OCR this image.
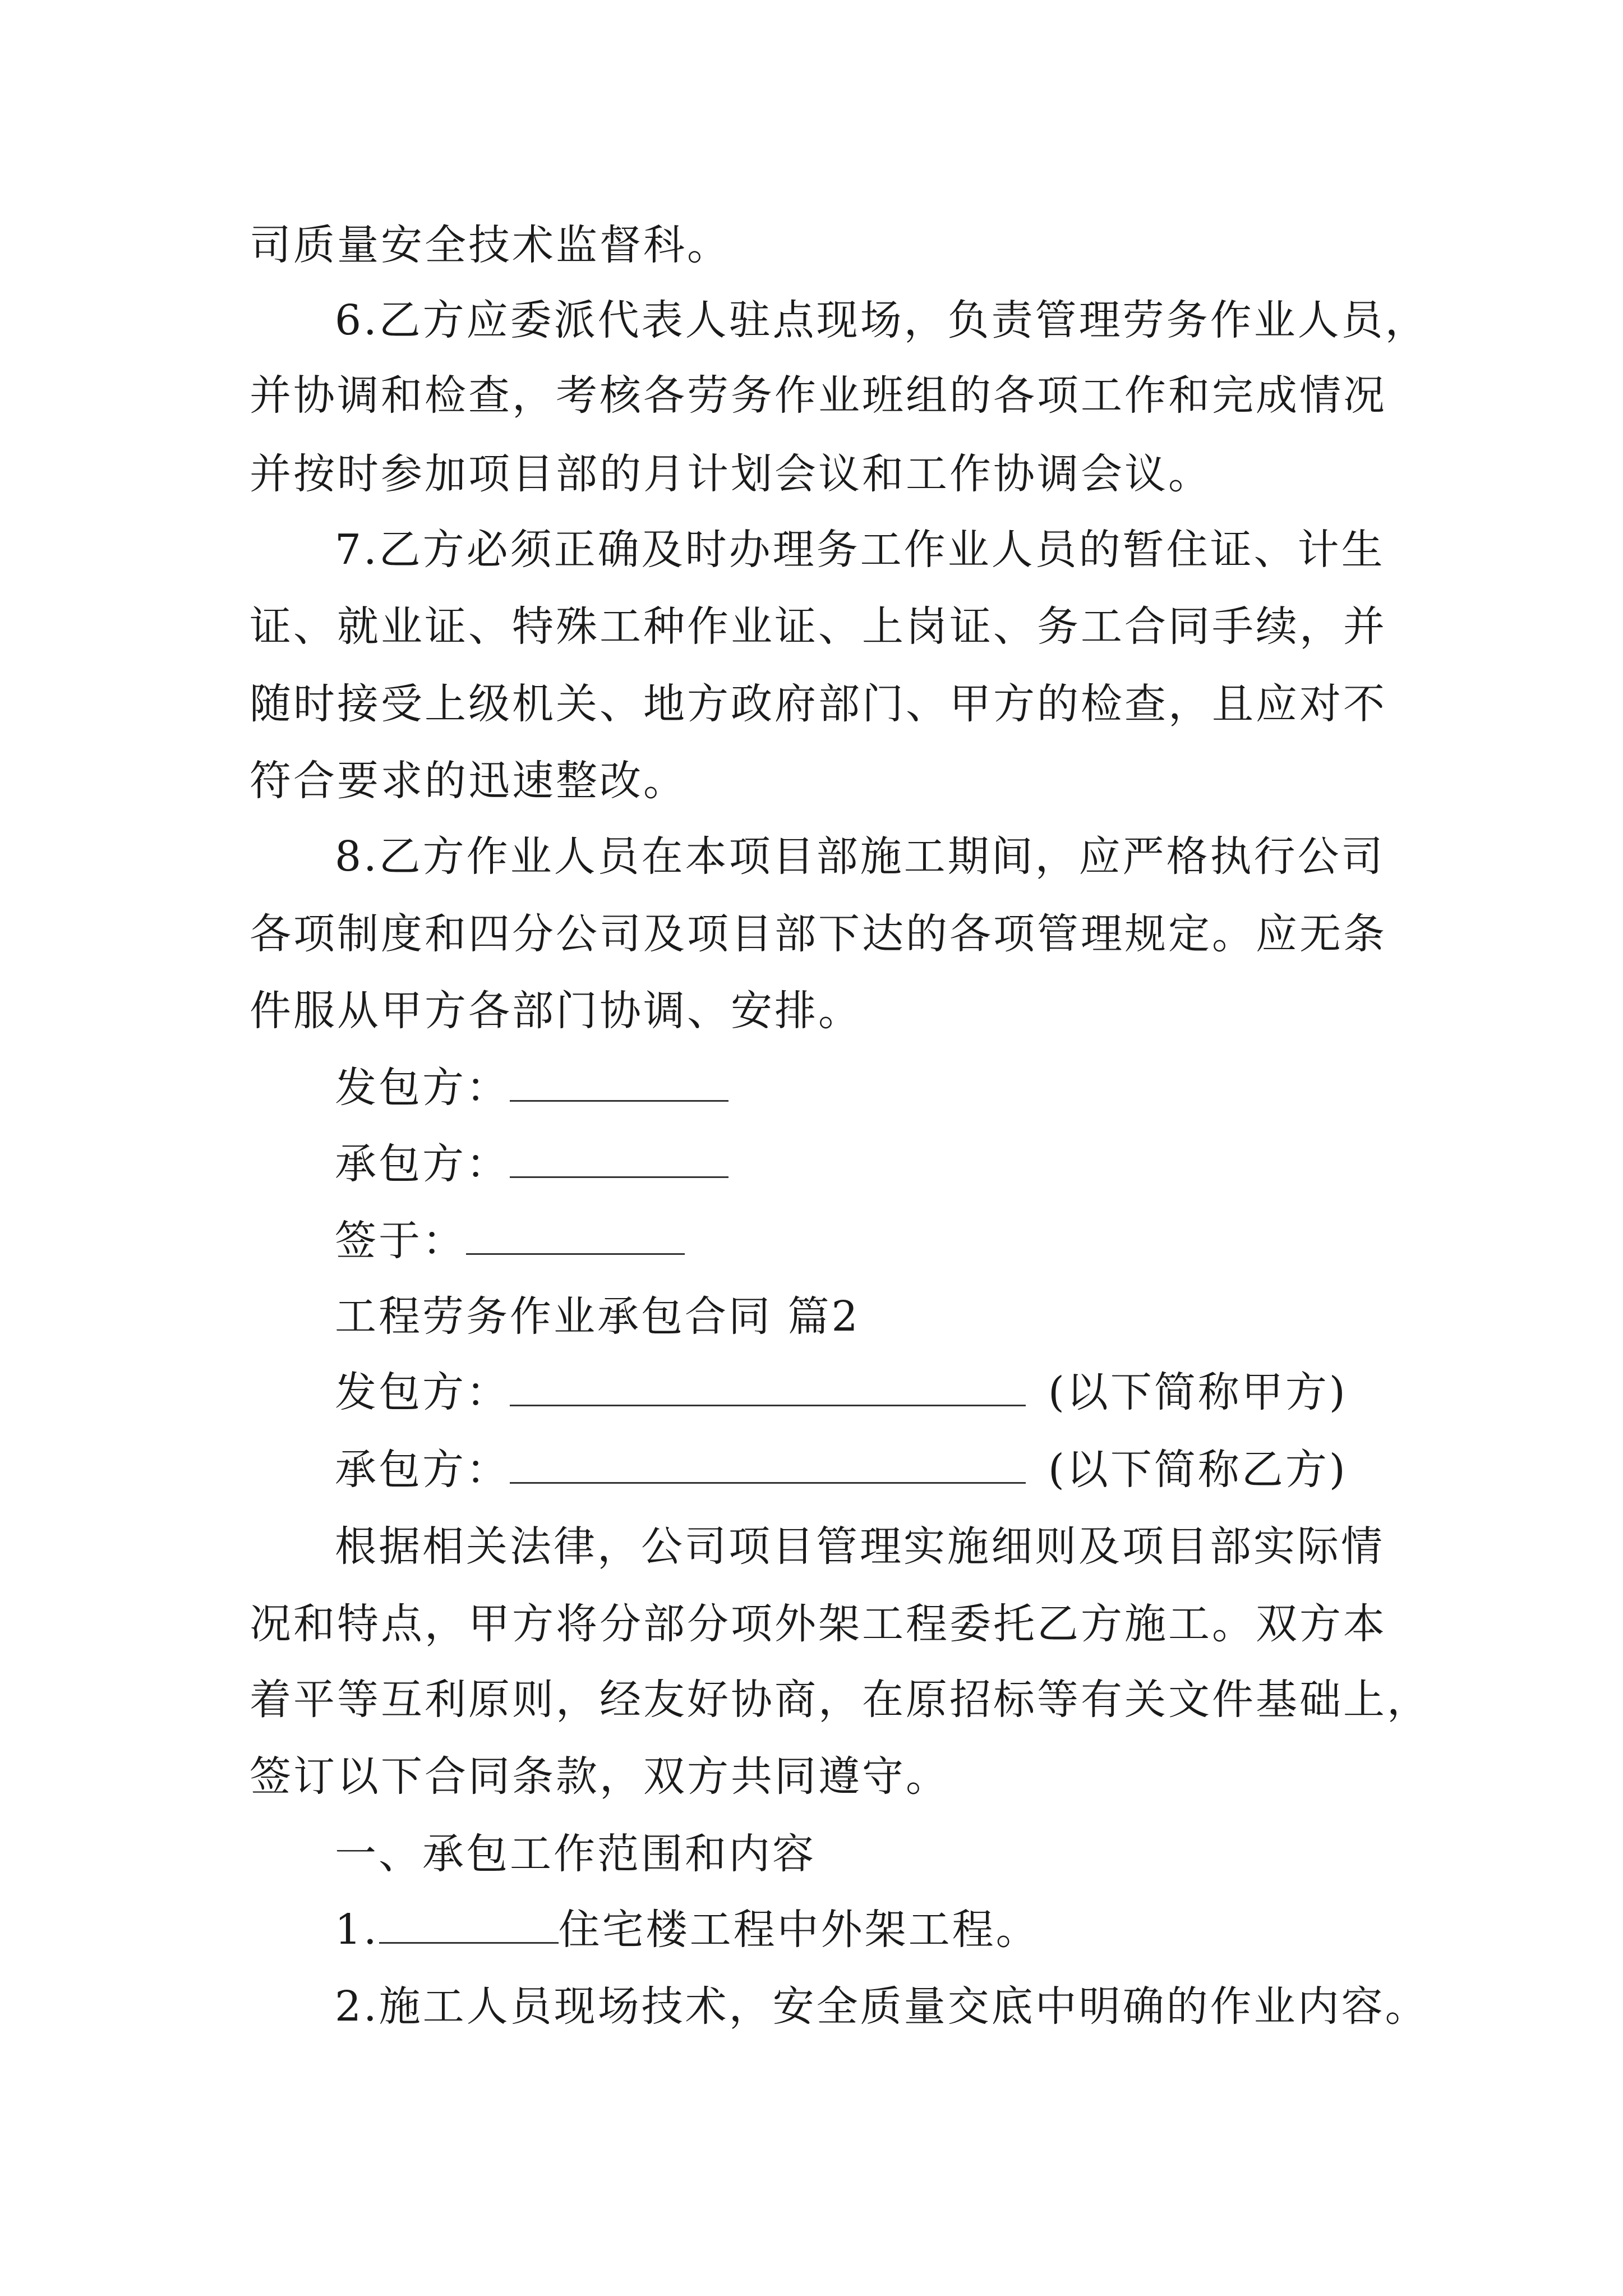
司质量安全技术监督科。
6.乙方应委派代表人驻点现场，负责管理劳务作业人员，
并协调和检查，考核各劳务作业班组的各项工作和完成情况
并按时参加项目部的月计划会议和工作协调会议。
7.乙方必须正确及时办理务工作业人员的暂住证、计生
证、就业证、特殊工种作业证、上岗证、务工合同手续，并
随时接受上级机关、地方政府部门、甲方的检查，且应对不
符合要求的迅速整改。
8.乙方作业人员在本项目部施工期间，应严格执行公司
各项制度和四分公司及项目部下达的各项管理规定。应无条
件服从甲方各部门协调、安排。
发包方：
承包方：
签于：
工程劳务作业承包合同 篇2
发包方：	(以下简称甲方)
承包方：	(以下简称乙方)
根据相关法律，公司项目管理实施细则及项目部实际情
况和特点，甲方将分部分项外架工程委托乙方施工。双方本
着平等互利原则，经友好协商，在原招标等有关文件基础上，
签订以下合同条款，双方共同遵守。
一、承包工作范围和内容
1.	住宅楼工程中外架工程。
2.施工人员现场技术，安全质量交底中明确的作业内容。
